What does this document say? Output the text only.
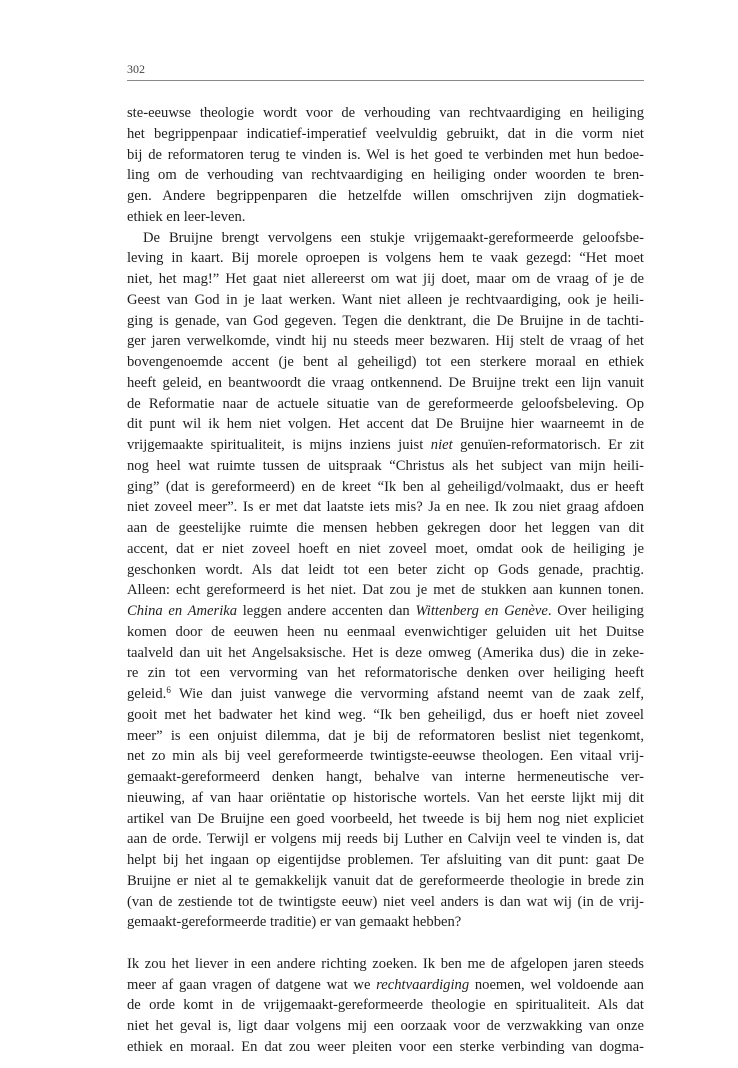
302
ste-eeuwse theologie wordt voor de verhouding van rechtvaardiging en heiliging
het begrippenpaar indicatief-imperatief veelvuldig gebruikt, dat in die vorm niet
bij de reformatoren terug te vinden is. Wel is het goed te verbinden met hun bedoe-
ling om de verhouding van rechtvaardiging en heiliging onder woorden te bren-
gen. Andere begrippenparen die hetzelfde willen omschrijven zijn dogmatiek-
ethiek en leer-leven.
De Bruijne brengt vervolgens een stukje vrijgemaakt-gereformeerde geloofsbe-
leving in kaart. Bij morele oproepen is volgens hem te vaak gezegd: “Het moet
niet, het mag!” Het gaat niet allereerst om wat jij doet, maar om de vraag of je de
Geest van God in je laat werken. Want niet alleen je rechtvaardiging, ook je heili-
ging is genade, van God gegeven. Tegen die denktrant, die De Bruijne in de tachti-
ger jaren verwelkomde, vindt hij nu steeds meer bezwaren. Hij stelt de vraag of het
bovengenoemde accent (je bent al geheiligd) tot een sterkere moraal en ethiek
heeft geleid, en beantwoordt die vraag ontkennend. De Bruijne trekt een lijn vanuit
de Reformatie naar de actuele situatie van de gereformeerde geloofsbeleving. Op
dit punt wil ik hem niet volgen. Het accent dat De Bruijne hier waarneemt in de
vrijgemaakte spiritualiteit, is mijns inziens juist niet genuïen-reformatorisch. Er zit
nog heel wat ruimte tussen de uitspraak “Christus als het subject van mijn heili-
ging” (dat is gereformeerd) en de kreet “Ik ben al geheiligd/volmaakt, dus er heeft
niet zoveel meer”. Is er met dat laatste iets mis? Ja en nee. Ik zou niet graag afdoen
aan de geestelijke ruimte die mensen hebben gekregen door het leggen van dit
accent, dat er niet zoveel hoeft en niet zoveel moet, omdat ook de heiliging je
geschonken wordt. Als dat leidt tot een beter zicht op Gods genade, prachtig.
Alleen: echt gereformeerd is het niet. Dat zou je met de stukken aan kunnen tonen.
China en Amerika leggen andere accenten dan Wittenberg en Genève. Over heiliging
komen door de eeuwen heen nu eenmaal evenwichtiger geluiden uit het Duitse
taalveld dan uit het Angelsaksische. Het is deze omweg (Amerika dus) die in zeke-
re zin tot een vervorming van het reformatorische denken over heiliging heeft
geleid.$^6$ Wie dan juist vanwege die vervorming afstand neemt van de zaak zelf,
gooit met het badwater het kind weg. “Ik ben geheiligd, dus er hoeft niet zoveel
meer” is een onjuist dilemma, dat je bij de reformatoren beslist niet tegenkomt,
net zo min als bij veel gereformeerde twintigste-eeuwse theologen. Een vitaal vrij-
gemaakt-gereformeerd denken hangt, behalve van interne hermeneutische ver-
nieuwing, af van haar oriëntatie op historische wortels. Van het eerste lijkt mij dit
artikel van De Bruijne een goed voorbeeld, het tweede is bij hem nog niet expliciet
aan de orde. Terwijl er volgens mij reeds bij Luther en Calvijn veel te vinden is, dat
helpt bij het ingaan op eigentijdse problemen. Ter afsluiting van dit punt: gaat De
Bruijne er niet al te gemakkelijk vanuit dat de gereformeerde theologie in brede zin
(van de zestiende tot de twintigste eeuw) niet veel anders is dan wat wij (in de vrij-
gemaakt-gereformeerde traditie) er van gemaakt hebben?
Ik zou het liever in een andere richting zoeken. Ik ben me de afgelopen jaren steeds
meer af gaan vragen of datgene wat we rechtvaardiging noemen, wel voldoende aan
de orde komt in de vrijgemaakt-gereformeerde theologie en spiritualiteit. Als dat
niet het geval is, ligt daar volgens mij een oorzaak voor de verzwakking van onze
ethiek en moraal. En dat zou weer pleiten voor een sterke verbinding van dogma-
